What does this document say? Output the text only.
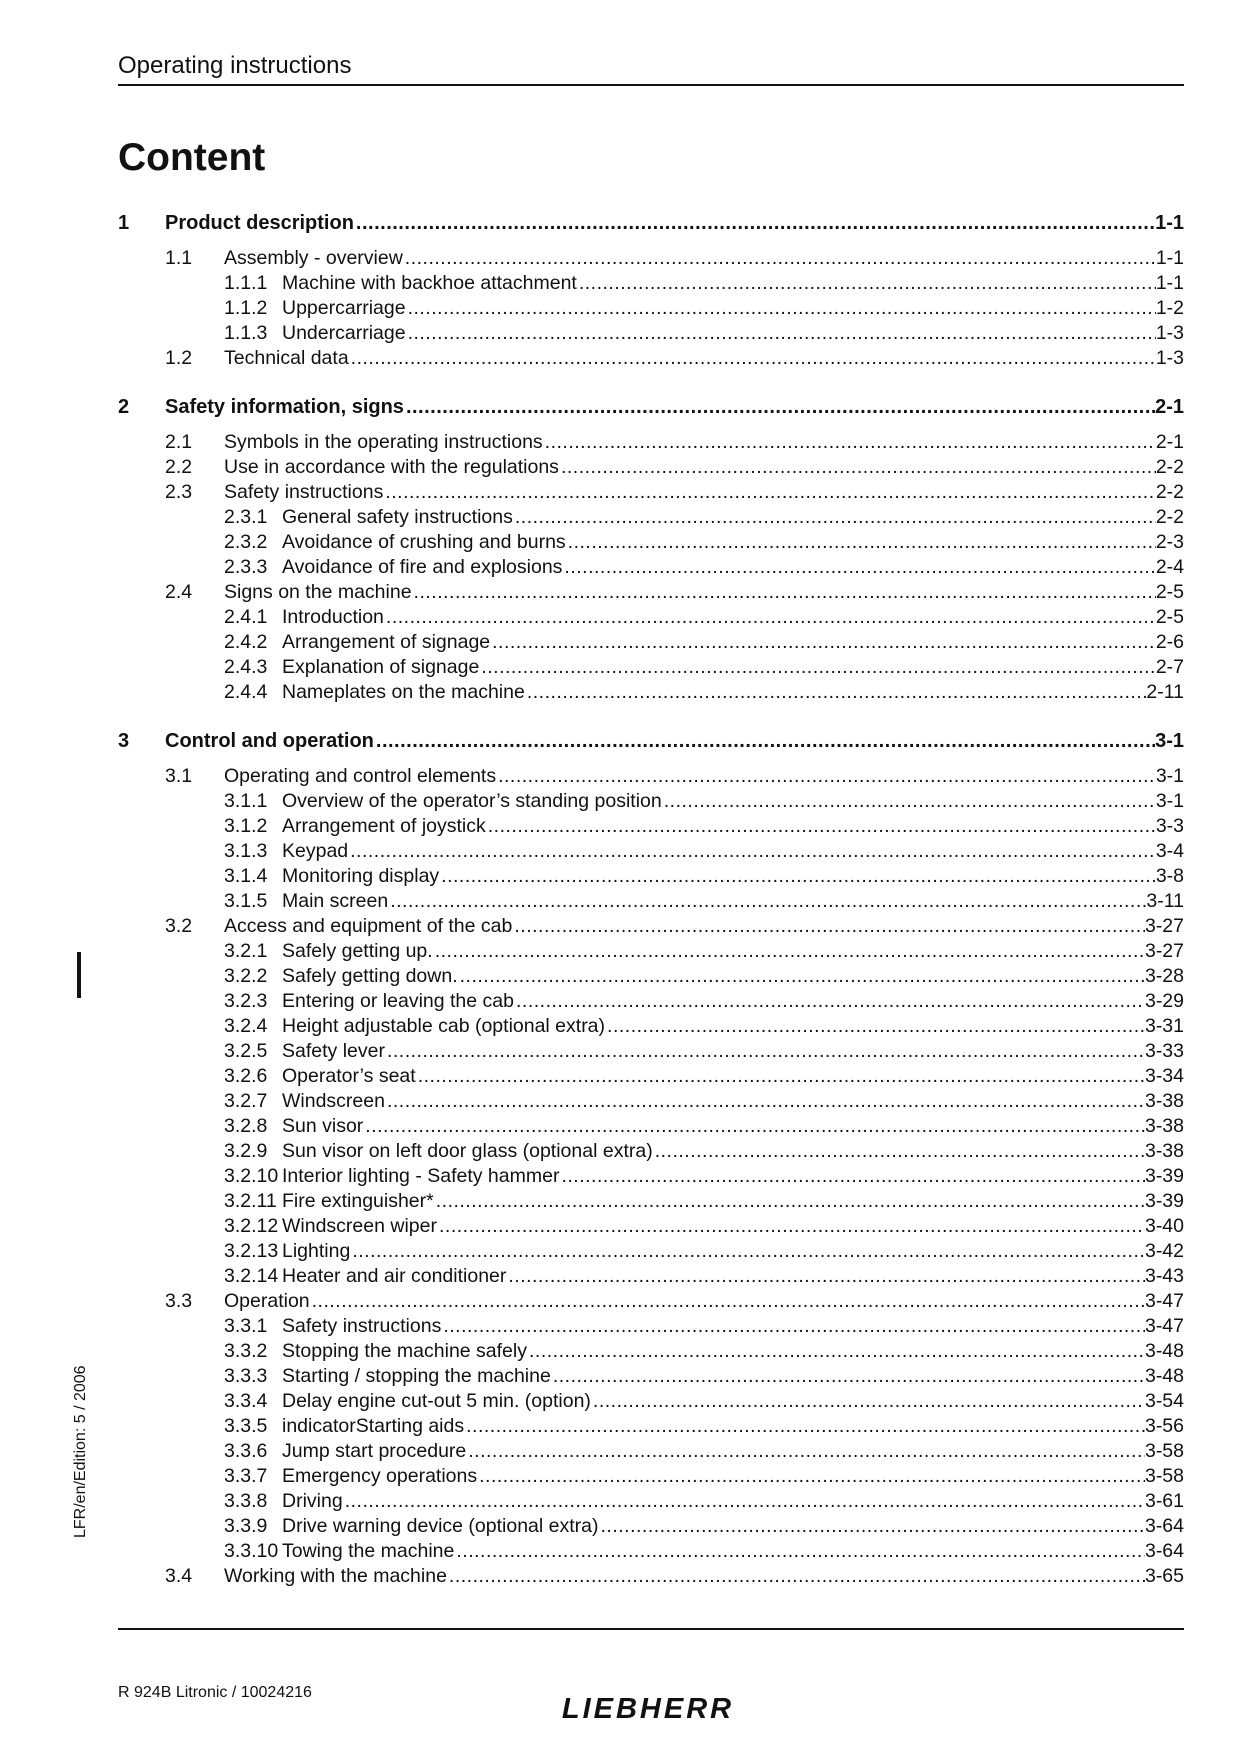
Operating instructions
Content
1	Product description .....	1-1
1.1	Assembly - overview .....	1-1
1.1.1 Machine with backhoe attachment .....	1-1
1.1.2 Uppercarriage .....	1-2
1.1.3 Undercarriage .....	1-3
1.2	Technical data .....	1-3
2	Safety information, signs .....	2-1
2.1	Symbols in the operating instructions .....	2-1
2.2	Use in accordance with the regulations .....	2-2
2.3	Safety instructions .....	2-2
2.3.1 General safety instructions .....	2-2
2.3.2 Avoidance of crushing and burns .....	2-3
2.3.3 Avoidance of fire and explosions .....	2-4
2.4	Signs on the machine .....	2-5
2.4.1 Introduction .....	2-5
2.4.2 Arrangement of signage .....	2-6
2.4.3 Explanation of signage .....	2-7
2.4.4 Nameplates on the machine .....	2-11
3	Control and operation .....	3-1
3.1	Operating and control elements .....	3-1
3.1.1 Overview of the operator’s standing position .....	3-1
3.1.2 Arrangement of joystick .....	3-3
3.1.3 Keypad .....	3-4
3.1.4 Monitoring display .....	3-8
3.1.5 Main screen .....	3-11
3.2	Access and equipment of the cab .....	3-27
3.2.1 Safely getting up. .....	3-27
3.2.2 Safely getting down. .....	3-28
3.2.3 Entering or leaving the cab .....	3-29
3.2.4 Height adjustable cab (optional extra) .....	3-31
3.2.5 Safety lever .....	3-33
3.2.6 Operator’s seat .....	3-34
3.2.7 Windscreen .....	3-38
3.2.8 Sun visor .....	3-38
3.2.9 Sun visor on left door glass (optional extra) .....	3-38
3.2.10 Interior lighting - Safety hammer .....	3-39
3.2.11 Fire extinguisher* .....	3-39
3.2.12 Windscreen wiper .....	3-40
3.2.13 Lighting .....	3-42
3.2.14 Heater and air conditioner .....	3-43
3.3	Operation .....	3-47
3.3.1 Safety instructions .....	3-47
3.3.2 Stopping the machine safely .....	3-48
3.3.3 Starting / stopping the machine .....	3-48
3.3.4 Delay engine cut-out 5 min. (option) .....	3-54
3.3.5 indicatorStarting aids .....	3-56
3.3.6 Jump start procedure .....	3-58
3.3.7 Emergency operations .....	3-58
3.3.8 Driving .....	3-61
3.3.9 Drive warning device (optional extra) .....	3-64
3.3.10 Towing the machine .....	3-64
3.4	Working with the machine .....	3-65
LFR/en/Edition: 5 / 2006
R 924B Litronic / 10024216
LIEBHERR
